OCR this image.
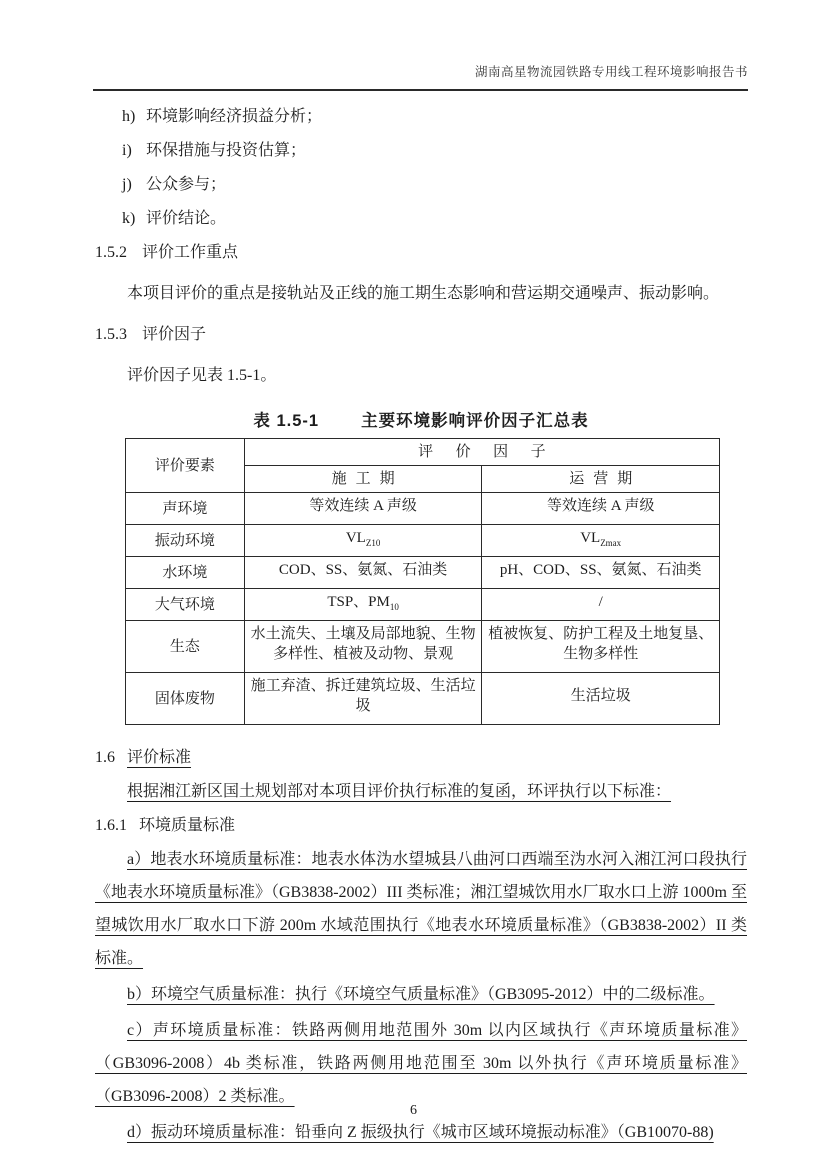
湖南高星物流园铁路专用线工程环境影响报告书
h) 环境影响经济损益分析；
i) 环保措施与投资估算；
j) 公众参与；
k) 评价结论。
1.5.2 评价工作重点

本项目评价的重点是接轨站及正线的施工期生态影响和营运期交通噪声、振动影响。

1.5.3 评价因子

评价因子见表 1.5-1。

表 1.5-1	主要环境影响评价因子汇总表
评价要素	评价因子	
	施工期	运营期
声环境	等效连续 A 声级	等效连续 A 声级
振动环境	$VL_{Z10}$	$VL_{Zmax}$
水环境	COD、SS、氨氮、石油类	pH、COD、SS、氨氮、石油类
大气环境	TSP、$PM_{10}$	/
生态	水土流失、土壤及局部地貌、生物多样性、植被及动物、景观	植被恢复、防护工程及土地复垦、生物多样性
固体废物	施工弃渣、拆迁建筑垃圾、生活垃圾	生活垃圾
1.6 评价标准

根据湘江新区国土规划部对本项目评价执行标准的复函，环评执行以下标准：

1.6.1 环境质量标准

a）地表水环境质量标准：地表水体沩水望城县八曲河口西端至沩水河入湘江河口段执行《地表水环境质量标准》（GB3838-2002）III 类标准；湘江望城饮用水厂取水口上游 1000m 至望城饮用水厂取水口下游 200m 水域范围执行《地表水环境质量标准》（GB3838-2002）II 类标准。

b）环境空气质量标准：执行《环境空气质量标准》（GB3095-2012）中的二级标准。

c）声环境质量标准：铁路两侧用地范围外 30m 以内区域执行《声环境质量标准》（GB3096-2008）4b 类标准，铁路两侧用地范围至 30m 以外执行《声环境质量标准》（GB3096-2008）2 类标准。

d）振动环境质量标准：铅垂向 Z 振级执行《城市区域环境振动标准》（GB10070-88)

6
